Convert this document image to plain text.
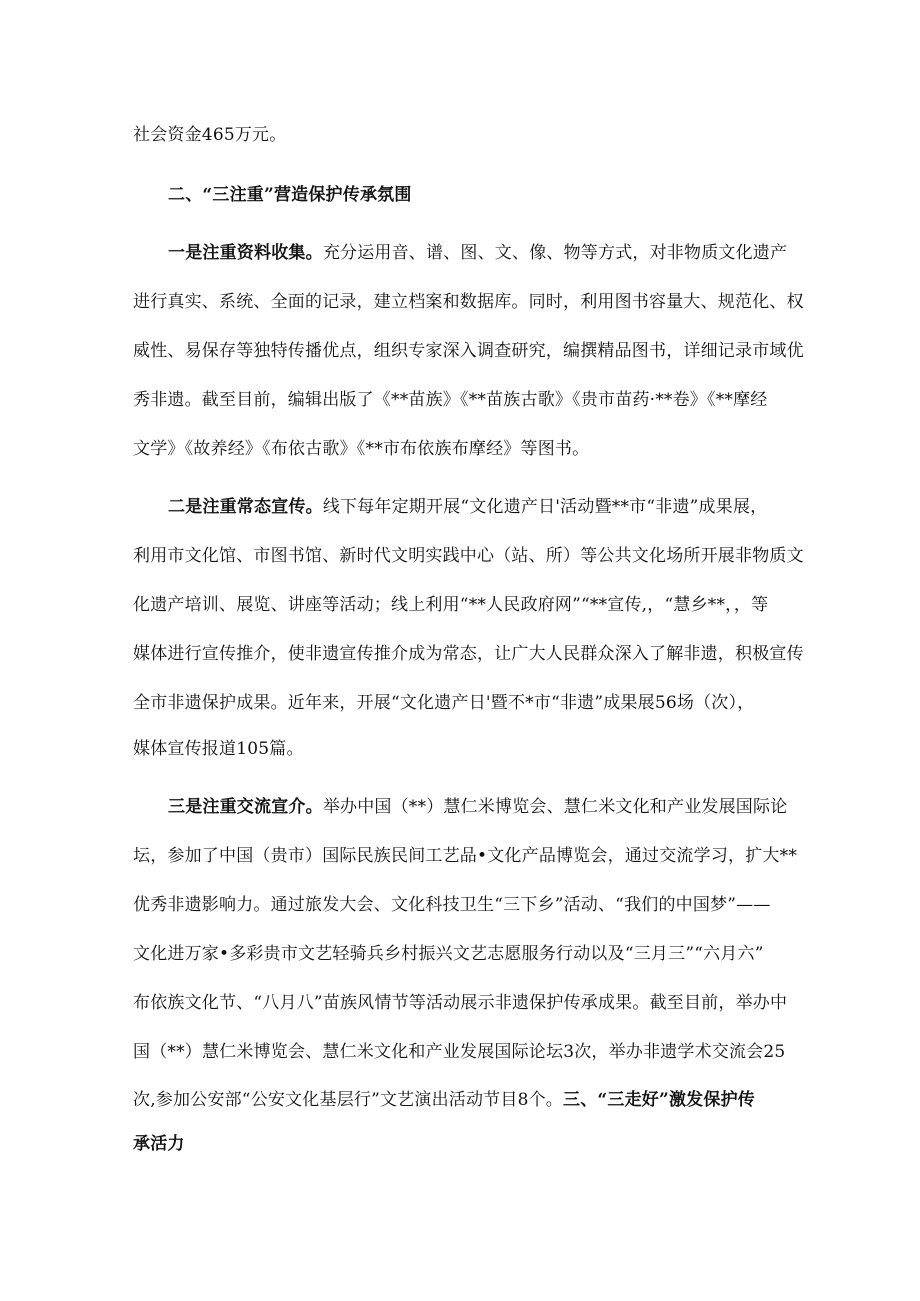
社会资金465万元。
二、“三注重”营造保护传承氛围
一是注重资料收集。充分运用音、谱、图、文、像、物等方式，对非物质文化遗产
进行真实、系统、全面的记录，建立档案和数据库。同时，利用图书容量大、规范化、权
威性、易保存等独特传播优点，组织专家深入调查研究，编撰精品图书，详细记录市域优
秀非遗。截至目前，编辑出版了《**苗族》《**苗族古歌》《贵市苗药·**卷》《**摩经
文学》《故养经》《布依古歌》《**市布依族布摩经》等图书。
二是注重常态宣传。线下每年定期开展“文化遗产日'活动暨**市“非遗”成果展，
利用市文化馆、市图书馆、新时代文明实践中心（站、所）等公共文化场所开展非物质文
化遗产培训、展览、讲座等活动；线上利用“**人民政府网”“**宣传,，“慧乡**，，等
媒体进行宣传推介，使非遗宣传推介成为常态，让广大人民群众深入了解非遗，积极宣传
全市非遗保护成果。近年来，开展“文化遗产日'暨不*市“非遗”成果展56场（次），
媒体宣传报道105篇。
三是注重交流宣介。举办中国（**）慧仁米博览会、慧仁米文化和产业发展国际论
坛，参加了中国（贵市）国际民族民间工艺品•文化产品博览会，通过交流学习，扩大**
优秀非遗影响力。通过旅发大会、文化科技卫生“三下乡”活动、“我们的中国梦”——
文化进万家•多彩贵市文艺轻骑兵乡村振兴文艺志愿服务行动以及“三月三”“六月六”
布依族文化节、“八月八”苗族风情节等活动展示非遗保护传承成果。截至目前，举办中
国（**）慧仁米博览会、慧仁米文化和产业发展国际论坛3次，举办非遗学术交流会25
次,参加公安部“公安文化基层行”文艺演出活动节目8个。三、“三走好”激发保护传
承活力
